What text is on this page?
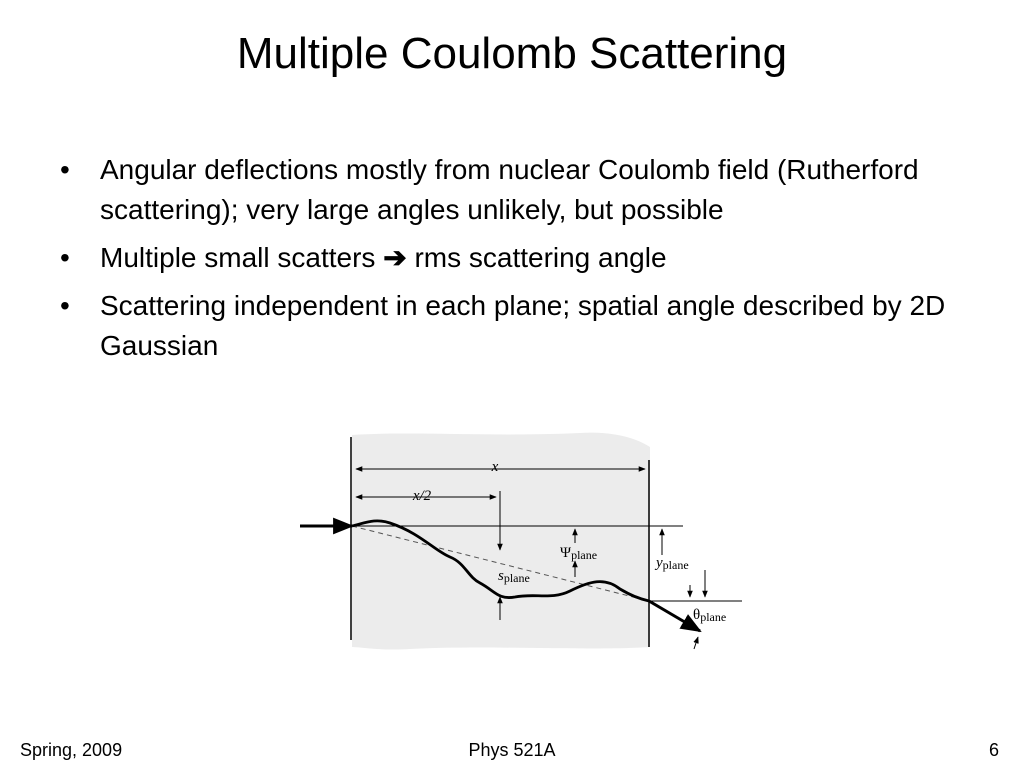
Multiple Coulomb Scattering
•	Angular deflections mostly from nuclear Coulomb field (Rutherford scattering); very large angles unlikely, but possible
•	Multiple small scatters ➔ rms scattering angle
•	Scattering independent in each plane; spatial angle described by 2D Gaussian
x
x/2
splane
Ψplane	yplane
θplane
Spring, 2009	Phys 521A	6
